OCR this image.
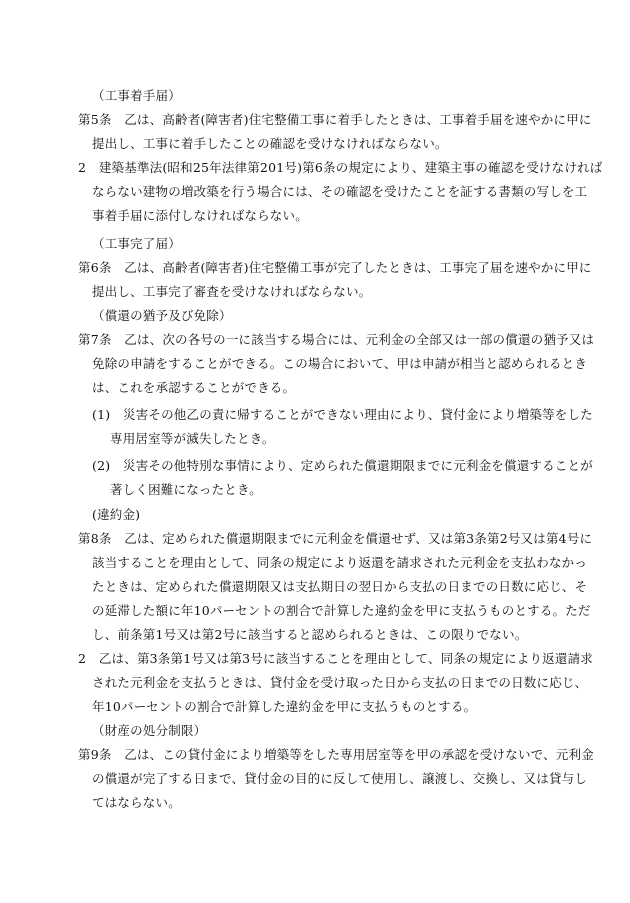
（工事着手届）
第5条　乙は、高齢者(障害者)住宅整備工事に着手したときは、工事着手届を速やかに甲に
提出し、工事に着手したことの確認を受けなければならない。
2　建築基準法(昭和25年法律第201号)第6条の規定により、建築主事の確認を受けなければ
ならない建物の増改築を行う場合には、その確認を受けたことを証する書類の写しを工
事着手届に添付しなければならない。
（工事完了届）
第6条　乙は、高齢者(障害者)住宅整備工事が完了したときは、工事完了届を速やかに甲に
提出し、工事完了審査を受けなければならない。
（償還の猶予及び免除）
第7条　乙は、次の各号の一に該当する場合には、元利金の全部又は一部の償還の猶予又は
免除の申請をすることができる。この場合において、甲は申請が相当と認められるとき
は、これを承認することができる。
(1)　災害その他乙の責に帰することができない理由により、貸付金により増築等をした
専用居室等が滅失したとき。
(2)　災害その他特別な事情により、定められた償還期限までに元利金を償還することが
著しく困難になったとき。
(違約金)
第8条　乙は、定められた償還期限までに元利金を償還せず、又は第3条第2号又は第4号に
該当することを理由として、同条の規定により返還を請求された元利金を支払わなかっ
たときは、定められた償還期限又は支払期日の翌日から支払の日までの日数に応じ、そ
の延滞した額に年10パーセントの割合で計算した違約金を甲に支払うものとする。ただ
し、前条第1号又は第2号に該当すると認められるときは、この限りでない。
2　乙は、第3条第1号又は第3号に該当することを理由として、同条の規定により返還請求
された元利金を支払うときは、貸付金を受け取った日から支払の日までの日数に応じ、
年10パーセントの割合で計算した違約金を甲に支払うものとする。
（財産の処分制限）
第9条　乙は、この貸付金により増築等をした専用居室等を甲の承認を受けないで、元利金
の償還が完了する日まで、貸付金の目的に反して使用し、譲渡し、交換し、又は貸与し
てはならない。
